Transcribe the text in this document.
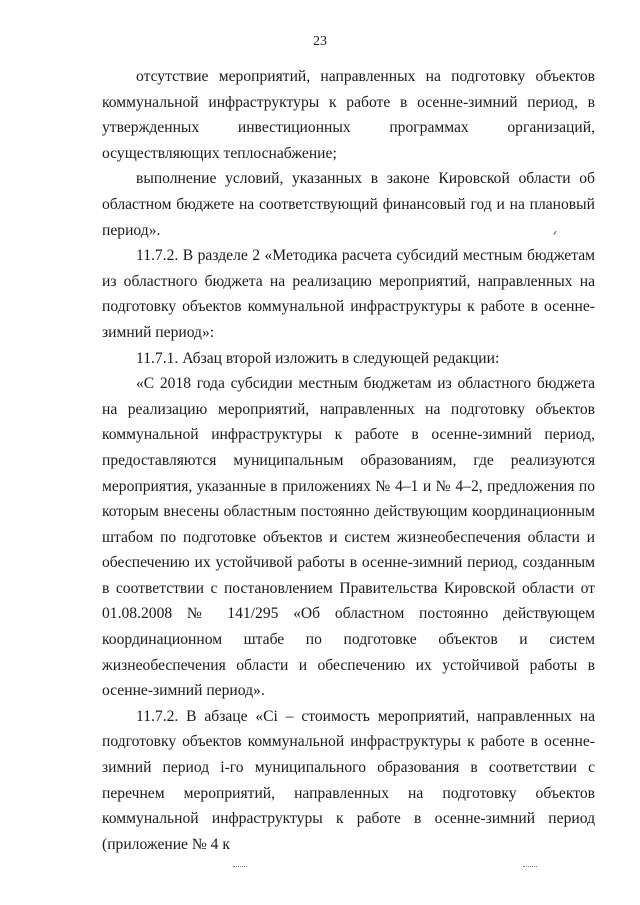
23

отсутствие мероприятий, направленных на подготовку объектов коммунальной инфраструктуры к работе в осенне-зимний период, в утвержденных инвестиционных программах организаций, осуществляющих теплоснабжение;

выполнение условий, указанных в законе Кировской области об областном бюджете на соответствующий финансовый год и на плановый период».

11.7.2. В разделе 2 «Методика расчета субсидий местным бюджетам из областного бюджета на реализацию мероприятий, направленных на подготовку объектов коммунальной инфраструктуры к работе в осенне-зимний период»:

11.7.1. Абзац второй изложить в следующей редакции:

«С 2018 года субсидии местным бюджетам из областного бюджета на реализацию мероприятий, направленных на подготовку объектов коммунальной инфраструктуры к работе в осенне-зимний период, предоставляются муниципальным образованиям, где реализуются мероприятия, указанные в приложениях № 4–1 и № 4–2, предложения по которым внесены областным постоянно действующим координационным штабом по подготовке объектов и систем жизнеобеспечения области и обеспечению их устойчивой работы в осенне-зимний период, созданным в соответствии с постановлением Правительства Кировской области от 01.08.2008 № 141/295 «Об областном постоянно действующем координационном штабе по подготовке объектов и систем жизнеобеспечения области и обеспечению их устойчивой работы в осенне-зимний период».

11.7.2. В абзаце «Ci – стоимость мероприятий, направленных на подготовку объектов коммунальной инфраструктуры к работе в осенне-зимний период i-го муниципального образования в соответствии с перечнем мероприятий, направленных на подготовку объектов коммунальной инфраструктуры к работе в осенне-зимний период (приложение № 4 к
